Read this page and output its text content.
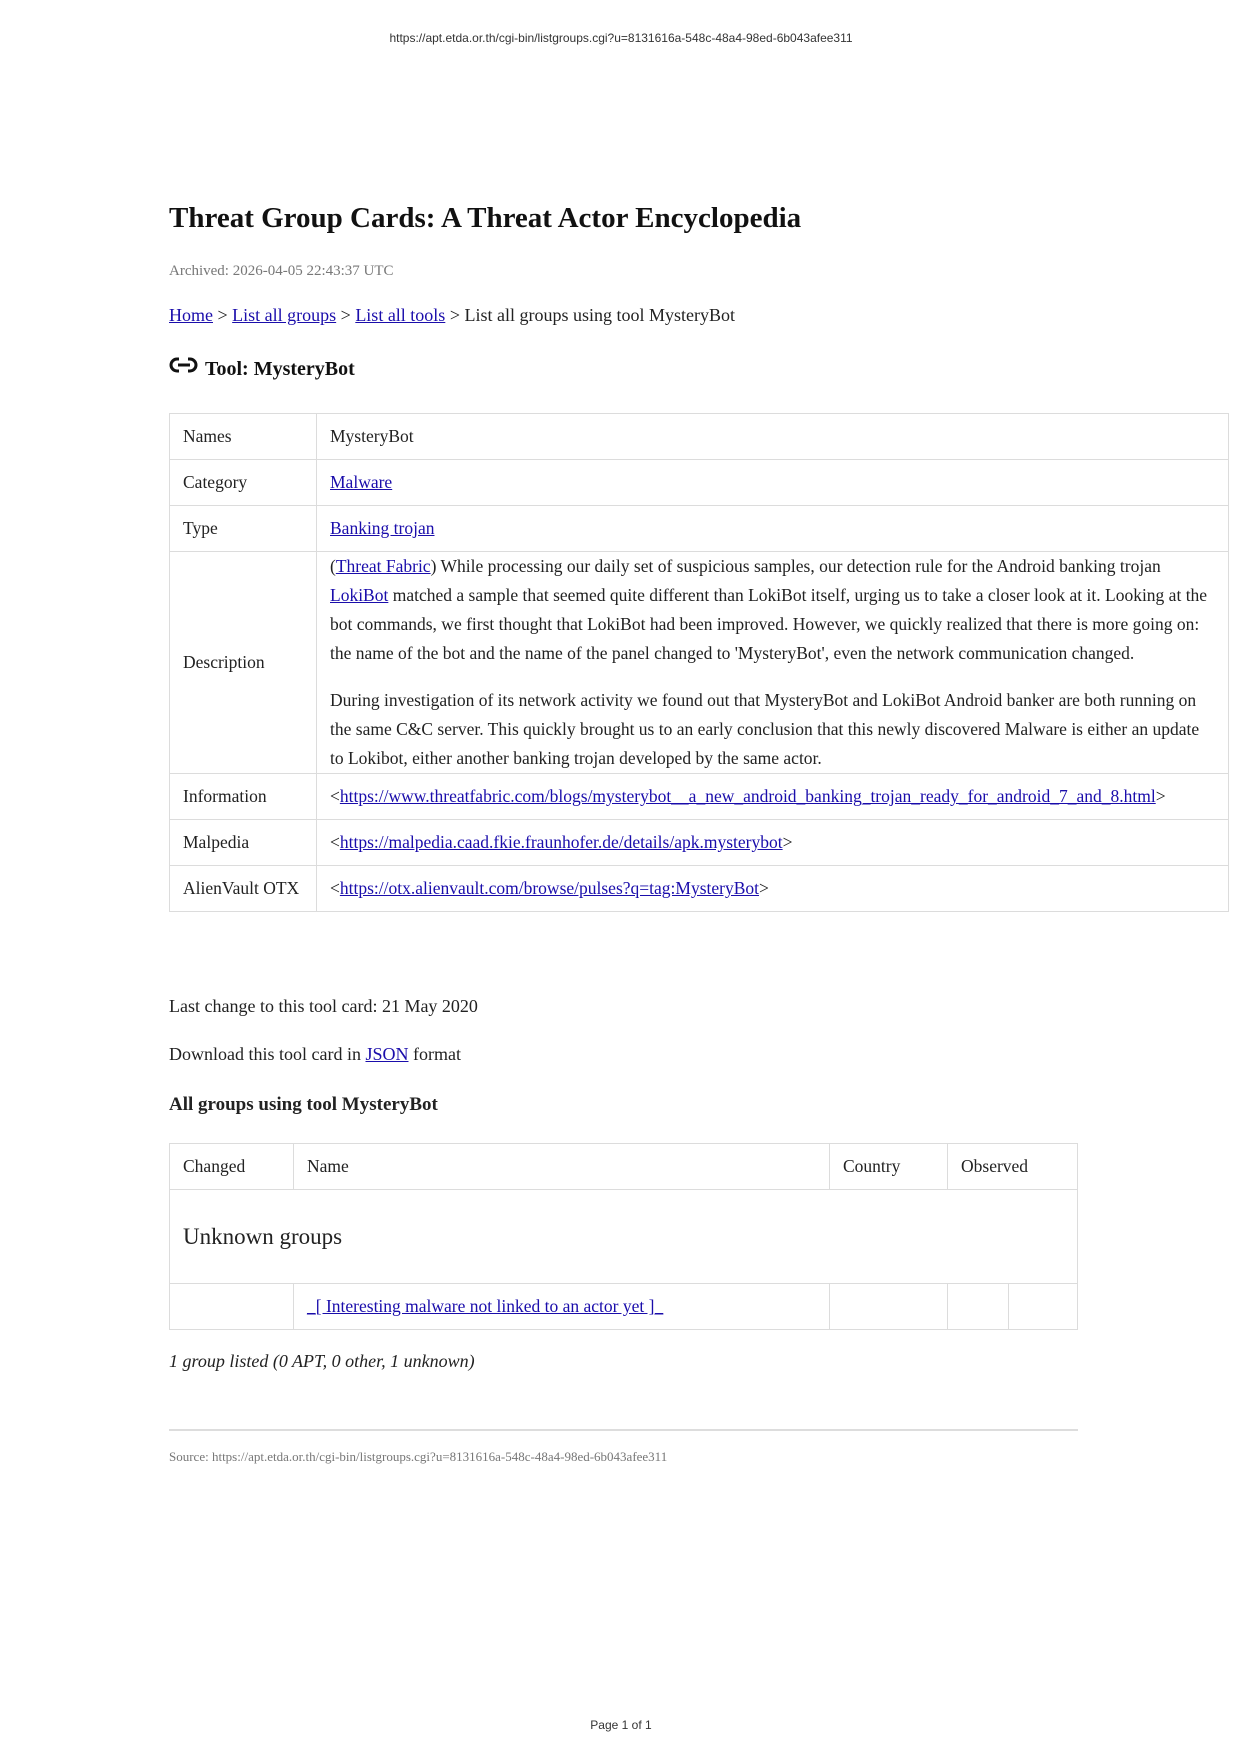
https://apt.etda.or.th/cgi-bin/listgroups.cgi?u=8131616a-548c-48a4-98ed-6b043afee311
Threat Group Cards: A Threat Actor Encyclopedia
Archived: 2026-04-05 22:43:37 UTC
Home > List all groups > List all tools > List all groups using tool MysteryBot
Tool: MysteryBot
Names	MysteryBot
Category	Malware
Type	Banking trojan
Description	(Threat Fabric) While processing our daily set of suspicious samples, our detection rule for the Android banking trojan LokiBot matched a sample that seemed quite different than LokiBot itself, urging us to take a closer look at it. Looking at the bot commands, we first thought that LokiBot had been improved. However, we quickly realized that there is more going on: the name of the bot and the name of the panel changed to 'MysteryBot', even the network communication changed.

During investigation of its network activity we found out that MysteryBot and LokiBot Android banker are both running on the same C&C server. This quickly brought us to an early conclusion that this newly discovered Malware is either an update to Lokibot, either another banking trojan developed by the same actor.

Information	<https://www.threatfabric.com/blogs/mysterybot__a_new_android_banking_trojan_ready_for_android_7_and_8.html>
Malpedia	<https://malpedia.caad.fkie.fraunhofer.de/details/apk.mysterybot>
AlienVault OTX	<https://otx.alienvault.com/browse/pulses?q=tag:MysteryBot>
Last change to this tool card: 21 May 2020
Download this tool card in JSON format
All groups using tool MysteryBot
Changed	Name	Country	Observed	
Unknown groups				
	_[ Interesting malware not linked to an actor yet ]_			
1 group listed (0 APT, 0 other, 1 unknown)
Source: https://apt.etda.or.th/cgi-bin/listgroups.cgi?u=8131616a-548c-48a4-98ed-6b043afee311
Page 1 of 1
